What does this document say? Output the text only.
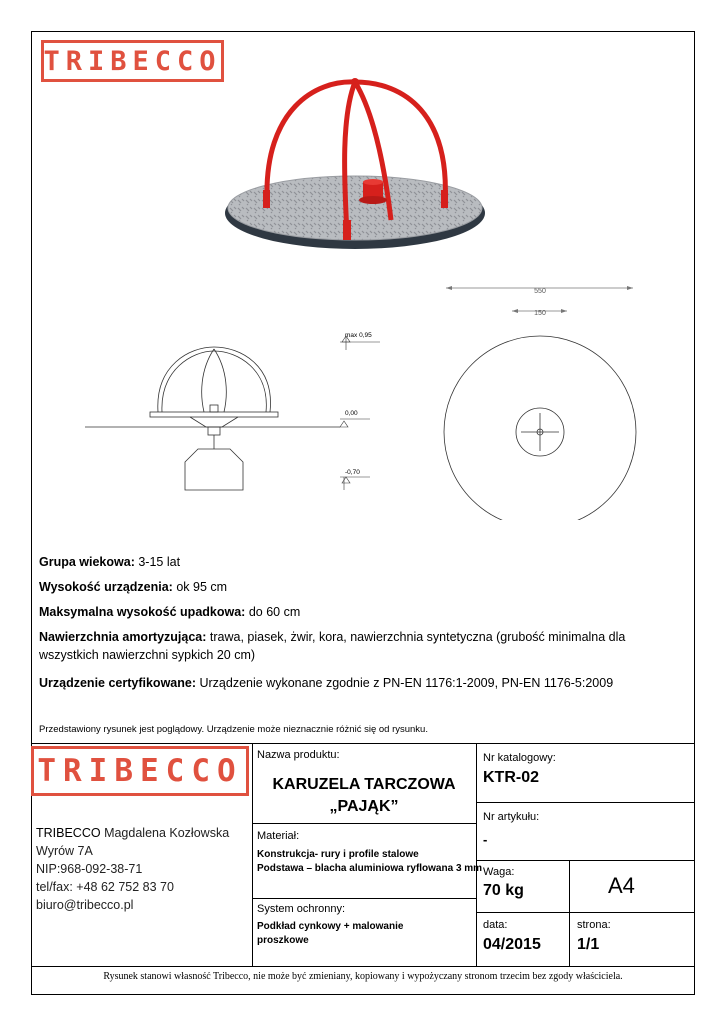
TRIBECCO
550
150
max 0,95
0,00
-0,70

Grupa wiekowa: 3-15 lat

Wysokość urządzenia: ok 95 cm

Maksymalna wysokość upadkowa: do 60 cm

Nawierzchnia amortyzująca: trawa, piasek, żwir, kora, nawierzchnia syntetyczna (grubość minimalna dla wszystkich nawierzchni sypkich 20 cm)

Urządzenie certyfikowane: Urządzenie wykonane zgodnie z PN-EN 1176:1-2009, PN-EN 1176-5:2009

Przedstawiony rysunek jest poglądowy. Urządzenie może nieznacznie różnić się od rysunku.
TRIBECCO
TRIBECCO Magdalena Kozłowska
Wyrów 7A
NIP:968-092-38-71
tel/fax: +48 62 752 83 70
biuro@tribecco.pl
Nazwa produktu:
KARUZELA TARCZOWA
„PAJĄK”
Materiał:
Konstrukcja- rury i profile stalowe
Podstawa – blacha aluminiowa ryflowana 3 mm
System ochronny:
Podkład cynkowy + malowanie
proszkowe
Nr katalogowy:
KTR-02
Nr artykułu:
-
Waga:
70 kg	A4
data:
04/2015
strona:
1/1
Rysunek stanowi własność Tribecco, nie może być zmieniany, kopiowany i wypożyczany stronom trzecim bez zgody właściciela.
